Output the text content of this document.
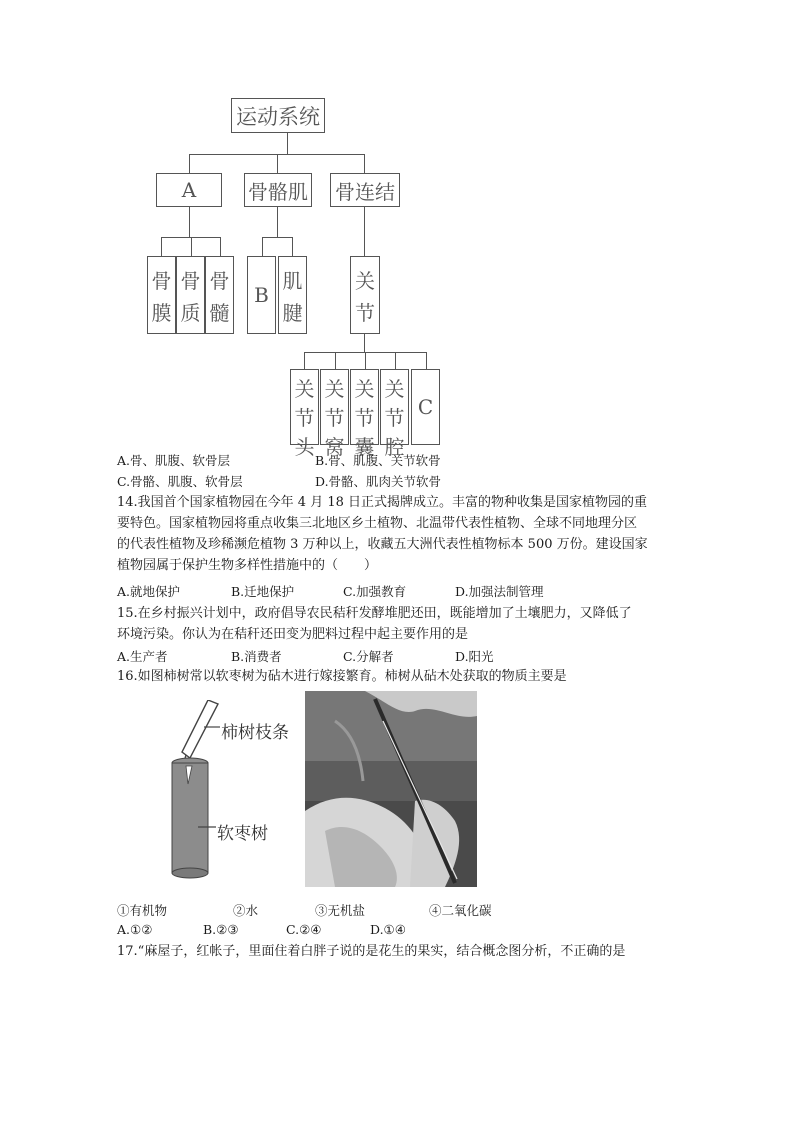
运动系统
A	骨骼肌 骨连结
骨
膜
骨
质
骨
髓
B
肌
腱
关
节
关
节
头
关
节
窝
关
节
囊
关
节
腔
C
A.骨、肌腹、软骨层	B.骨、肌腹、关节软骨
C.骨骼、肌腹、软骨层	D.骨骼、肌肉关节软骨
14.我国首个国家植物园在今年 4 月 18 日正式揭牌成立。丰富的物种收集是国家植物园的重
要特色。国家植物园将重点收集三北地区乡土植物、北温带代表性植物、全球不同地理分区
的代表性植物及珍稀濒危植物 3 万种以上，收藏五大洲代表性植物标本 500 万份。建设国家
植物园属于保护生物多样性措施中的（　　）
A.就地保护	B.迁地保护	C.加强教育	D.加强法制管理
15.在乡村振兴计划中，政府倡导农民秸秆发酵堆肥还田，既能增加了土壤肥力，又降低了
环境污染。你认为在秸秆还田变为肥料过程中起主要作用的是
A.生产者	B.消费者	C.分解者	D.阳光
16.如图柿树常以软枣树为砧木进行嫁接繁育。柿树从砧木处获取的物质主要是
柿树枝条
软枣树
①有机物	②水	③无机盐	④二氧化碳
A.①②	B.②③	C.②④	D.①④
17.“麻屋子，红帐子，里面住着白胖子说的是花生的果实，结合概念图分析，不正确的是
